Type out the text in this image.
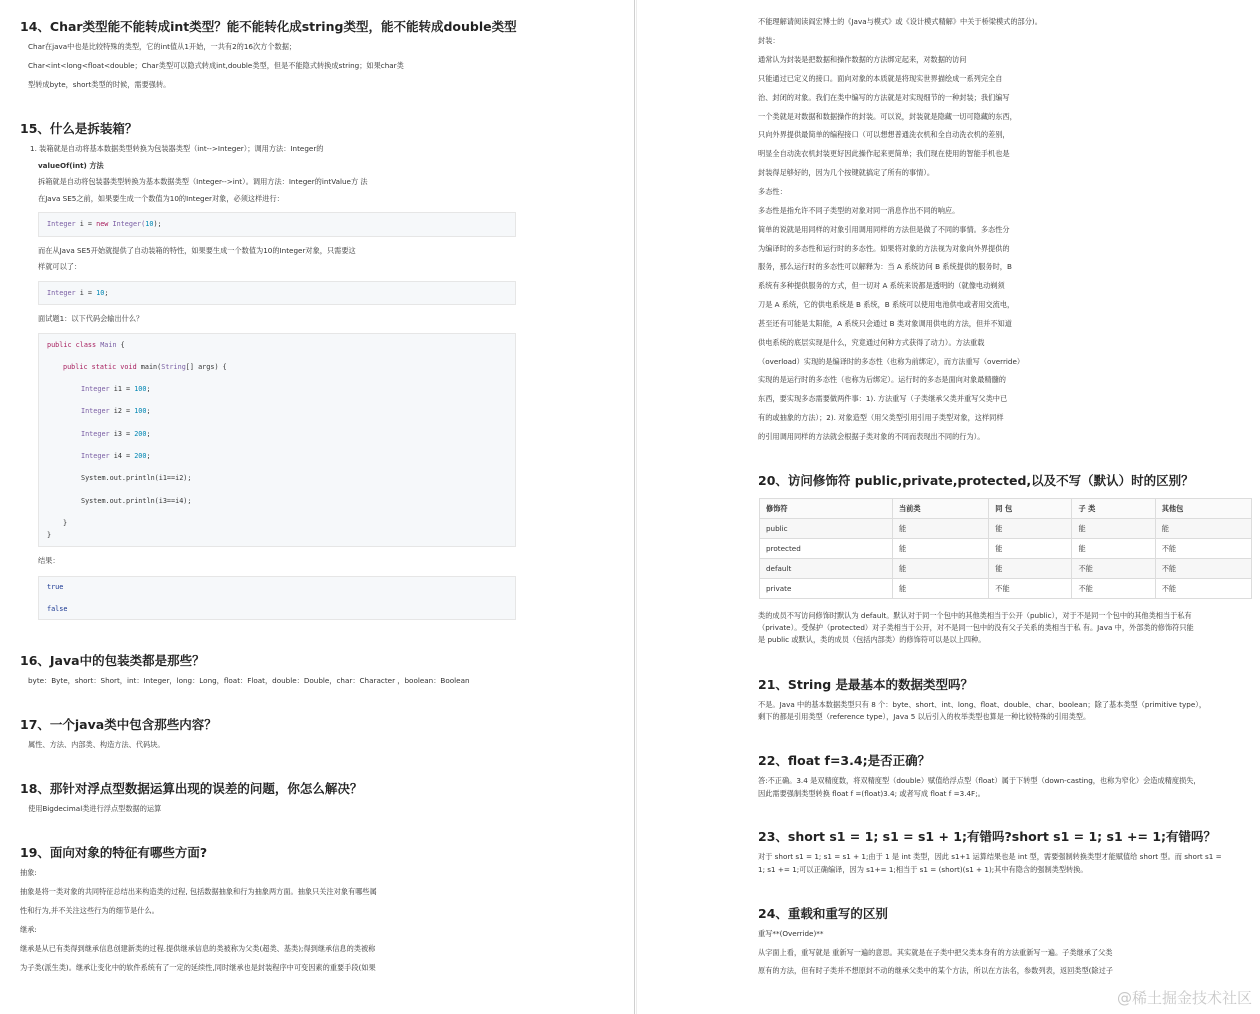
14、Char类型能不能转成int类型？能不能转化成string类型，能不能转成double类型
Char在java中也是比较特殊的类型，它的int值从1开始，一共有2的16次方个数据；
Char<int<long<float<double；Char类型可以隐式转成int,double类型，但是不能隐式转换成string；如果char类
型转成byte，short类型的时候，需要强转。
15、什么是拆装箱？
1. 装箱就是自动将基本数据类型转换为包装器类型（int-->Integer）；调用方法：Integer的
valueOf(int) 方法
拆箱就是自动将包装器类型转换为基本数据类型（Integer-->int）。调用方法：Integer的intValue方 法
在Java SE5之前，如果要生成一个数值为10的Integer对象，必须这样进行：
Integer i = new Integer(10);
而在从Java SE5开始就提供了自动装箱的特性，如果要生成一个数值为10的Integer对象，只需要这
样就可以了：
Integer i = 10;
面试题1：以下代码会输出什么？
public class Main {
public static void main(String[] args) {
Integer i1 = 100;
Integer i2 = 100;
Integer i3 = 200;
Integer i4 = 200;
System.out.println(i1==i2);
System.out.println(i3==i4);
}
}
结果：
true
false
16、Java中的包装类都是那些？
byte：Byte，short：Short，int：Integer，long：Long，float：Float，double：Double，char：Character ，boolean：Boolean
17、一个java类中包含那些内容？
属性、方法、内部类、构造方法、代码块。
18、那针对浮点型数据运算出现的误差的问题，你怎么解决？
使用Bigdecimal类进行浮点型数据的运算
19、面向对象的特征有哪些方面?
抽象:
抽象是将一类对象的共同特征总结出来构造类的过程, 包括数据抽象和行为抽象两方面。抽象只关注对象有哪些属
性和行为,并不关注这些行为的细节是什么。
继承:
继承是从已有类得到继承信息创建新类的过程.提供继承信息的类被称为父类(超类、基类);得到继承信息的类被称
为子类(派生类)。继承让变化中的软件系统有了一定的延续性,同时继承也是封装程序中可变因素的重要手段(如果
不能理解请阅读阎宏博士的《Java与模式》或《设计模式精解》中关于桥梁模式的部分)。
封装：
通常认为封装是把数据和操作数据的方法绑定起来，对数据的访问
只能通过已定义的接口。面向对象的本质就是将现实世界描绘成一系列完全自
治、封闭的对象。我们在类中编写的方法就是对实现细节的一种封装；我们编写
一个类就是对数据和数据操作的封装。可以说，封装就是隐藏一切可隐藏的东西，
只向外界提供最简单的编程接口（可以想想普通洗衣机和全自动洗衣机的差别，
明显全自动洗衣机封装更好因此操作起来更简单；我们现在使用的智能手机也是
封装得足够好的，因为几个按键就搞定了所有的事情）。
多态性：
多态性是指允许不同子类型的对象对同一消息作出不同的响应。
简单的说就是用同样的对象引用调用同样的方法但是做了不同的事情。多态性分
为编译时的多态性和运行时的多态性。如果将对象的方法视为对象向外界提供的
服务，那么运行时的多态性可以解释为：当 A 系统访问 B 系统提供的服务时，B
系统有多种提供服务的方式，但一切对 A 系统来说都是透明的（就像电动剃须
刀是 A 系统，它的供电系统是 B 系统，B 系统可以使用电池供电或者用交流电，
甚至还有可能是太阳能，A 系统只会通过 B 类对象调用供电的方法，但并不知道
供电系统的底层实现是什么，究竟通过何种方式获得了动力）。方法重载
（overload）实现的是编译时的多态性（也称为前绑定），而方法重写（override）
实现的是运行时的多态性（也称为后绑定）。运行时的多态是面向对象最精髓的
东西，要实现多态需要做两件事：1). 方法重写（子类继承父类并重写父类中已
有的或抽象的方法）；2). 对象造型（用父类型引用引用子类型对象，这样同样
的引用调用同样的方法就会根据子类对象的不同而表现出不同的行为）。
20、访问修饰符 public,private,protected,以及不写（默认）时的区别？
修饰符	当前类	同 包	子 类	其他包
public	能	能	能	能
protected	能	能	能	不能
default	能	能	不能	不能
private	能	不能	不能	不能
类的成员不写访问修饰时默认为 default。默认对于同一个包中的其他类相当于公开（public），对于不是同一个包中的其他类相当于私有
（private）。受保护（protected）对子类相当于公开，对不是同一包中的没有父子关系的类相当于私 有。Java 中，外部类的修饰符只能
是 public 或默认，类的成员（包括内部类）的修饰符可以是以上四种。
21、String 是最基本的数据类型吗？
不是。Java 中的基本数据类型只有 8 个：byte、short、int、long、float、double、char、boolean；除了基本类型（primitive type），
剩下的都是引用类型（reference type），Java 5 以后引入的枚举类型也算是一种比较特殊的引用类型。
22、float f=3.4;是否正确？
答:不正确。3.4 是双精度数，将双精度型（double）赋值给浮点型（float）属于下转型（down-casting，也称为窄化）会造成精度损失，
因此需要强制类型转换 float f =(float)3.4; 或者写成 float f =3.4F;。
23、short s1 = 1; s1 = s1 + 1;有错吗?short s1 = 1; s1 += 1;有错吗？
对于 short s1 = 1; s1 = s1 + 1;由于 1 是 int 类型，因此 s1+1 运算结果也是 int 型，需要强制转换类型才能赋值给 short 型。而 short s1 =
1; s1 += 1;可以正确编译，因为 s1+= 1;相当于 s1 = (short)(s1 + 1);其中有隐含的强制类型转换。
24、重载和重写的区别
重写**(Override)**
从字面上看，重写就是 重新写一遍的意思。其实就是在子类中把父类本身有的方法重新写一遍。子类继承了父类
原有的方法，但有时子类并不想原封不动的继承父类中的某个方法，所以在方法名，参数列表，返回类型(除过子
@稀土掘金技术社区
